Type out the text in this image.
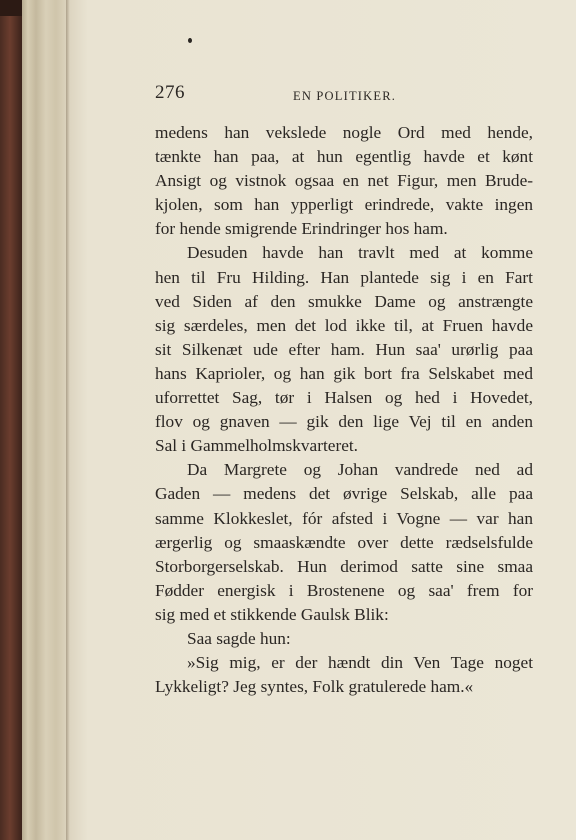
276	EN POLITIKER.
medens han vekslede nogle Ord med hende,
tænkte han paa, at hun egentlig havde et kønt
Ansigt og vistnok ogsaa en net Figur, men Brude-
kjolen, som han ypperligt erindrede, vakte ingen
for hende smigrende Erindringer hos ham.
Desuden havde han travlt med at komme
hen til Fru Hilding. Han plantede sig i en Fart
ved Siden af den smukke Dame og anstrængte
sig særdeles, men det lod ikke til, at Fruen havde
sit Silkenæt ude efter ham. Hun saa' urørlig paa
hans Kaprioler, og han gik bort fra Selskabet med
uforrettet Sag, tør i Halsen og hed i Hovedet,
flov og gnaven — gik den lige Vej til en anden
Sal i Gammelholmskvarteret.
Da Margrete og Johan vandrede ned ad
Gaden — medens det øvrige Selskab, alle paa
samme Klokkeslet, fór afsted i Vogne — var han
ærgerlig og smaaskændte over dette rædselsfulde
Storborgerselskab. Hun derimod satte sine smaa
Fødder energisk i Brostenene og saa' frem for
sig med et stikkende Gaulsk Blik:
Saa sagde hun:
»Sig mig, er der hændt din Ven Tage noget
Lykkeligt? Jeg syntes, Folk gratulerede ham.«
